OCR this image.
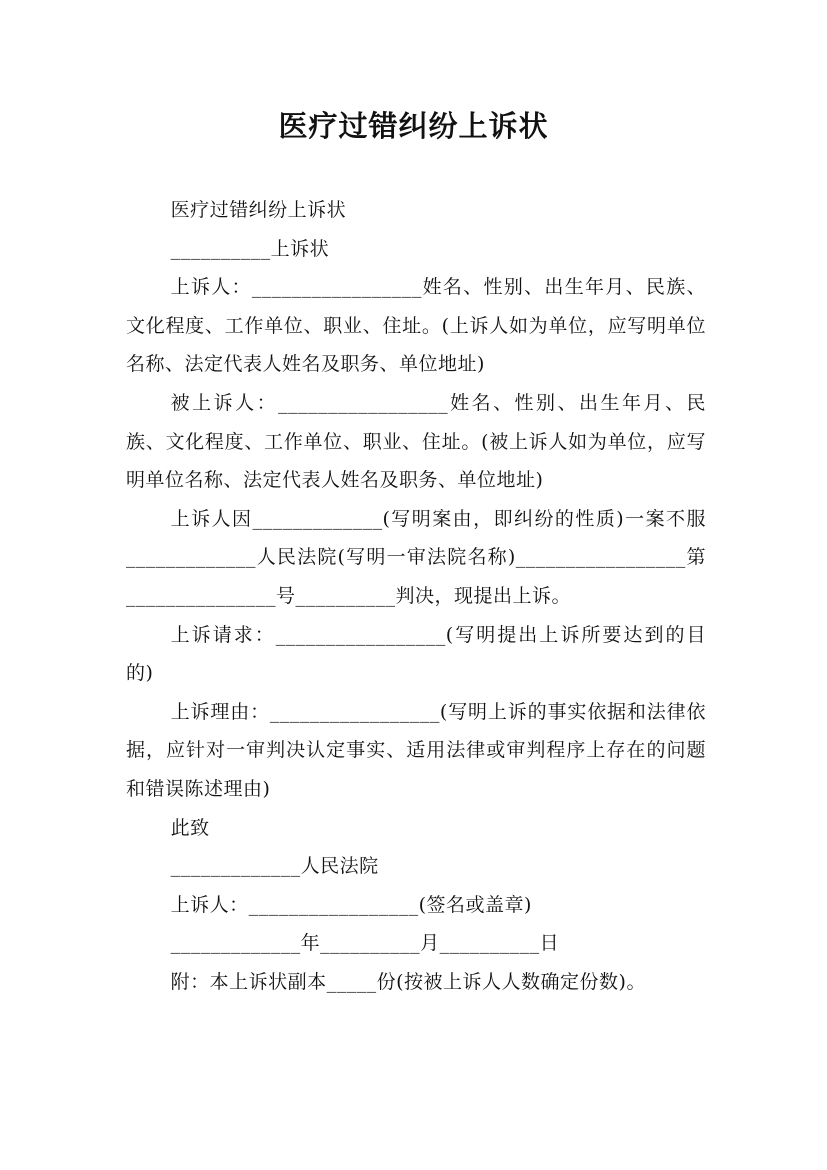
医疗过错纠纷上诉状

医疗过错纠纷上诉状

__________上诉状

上诉人：_________________姓名、性别、出生年月、民族、文化程度、工作单位、职业、住址。(上诉人如为单位，应写明单位名称、法定代表人姓名及职务、单位地址)

被上诉人：_________________姓名、性别、出生年月、民族、文化程度、工作单位、职业、住址。(被上诉人如为单位，应写明单位名称、法定代表人姓名及职务、单位地址)

上诉人因_____________(写明案由，即纠纷的性质)一案不服_____________人民法院(写明一审法院名称)_________________第_______________号__________判决，现提出上诉。

上诉请求：_________________(写明提出上诉所要达到的目的)

上诉理由：_________________(写明上诉的事实依据和法律依据，应针对一审判决认定事实、适用法律或审判程序上存在的问题和错误陈述理由)

此致

_____________人民法院

上诉人：_________________(签名或盖章)

_____________年__________月__________日

附：本上诉状副本_____份(按被上诉人人数确定份数)。
